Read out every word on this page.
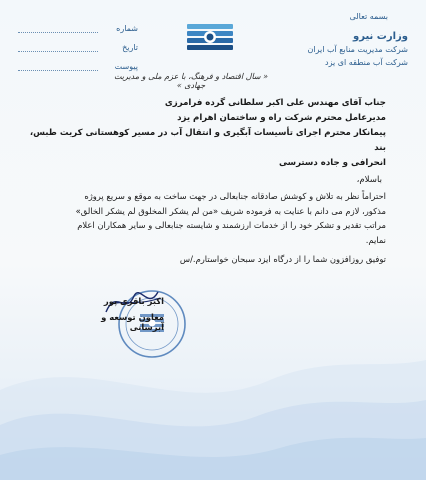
بسمه تعالی
وزارت نیرو
شرکت مدیریت منابع آب ایران
شرکت آب منطقه ای یزد
شماره
تاریخ
پیوست
« سال اقتصاد و فرهنگ، با عزم ملی و مدیریت جهادی »
جناب آقای مهندس علی اکبر سلطانی گرده فرامرزی
مدیرعامل محترم شرکت راه و ساختمان اهرام یزد
پیمانکار محترم اجرای تأسیسات آبگیری و انتقال آب در مسیر کوهستانی کریت طبس، بند
انحرافی و جاده دسترسی
باسلام،

احتراماً نظر به تلاش و کوشش صادقانه جنابعالی در جهت ساخت به موقع و سریع پروژه

مذکور، لازم می دانم با عنایت به فرموده شریف «من لم یشکر المخلوق لم یشکر الخالق»

مراتب تقدیر و تشکر خود را از خدمات ارزشمند و شایسته جنابعالی و سایر همکاران اعلام

نمایم.

توفیق روزافزون شما را از درگاه ایزد سبحان خواستارم./س
اکبر باقری پور
معاون توسعه و آبرسانی
